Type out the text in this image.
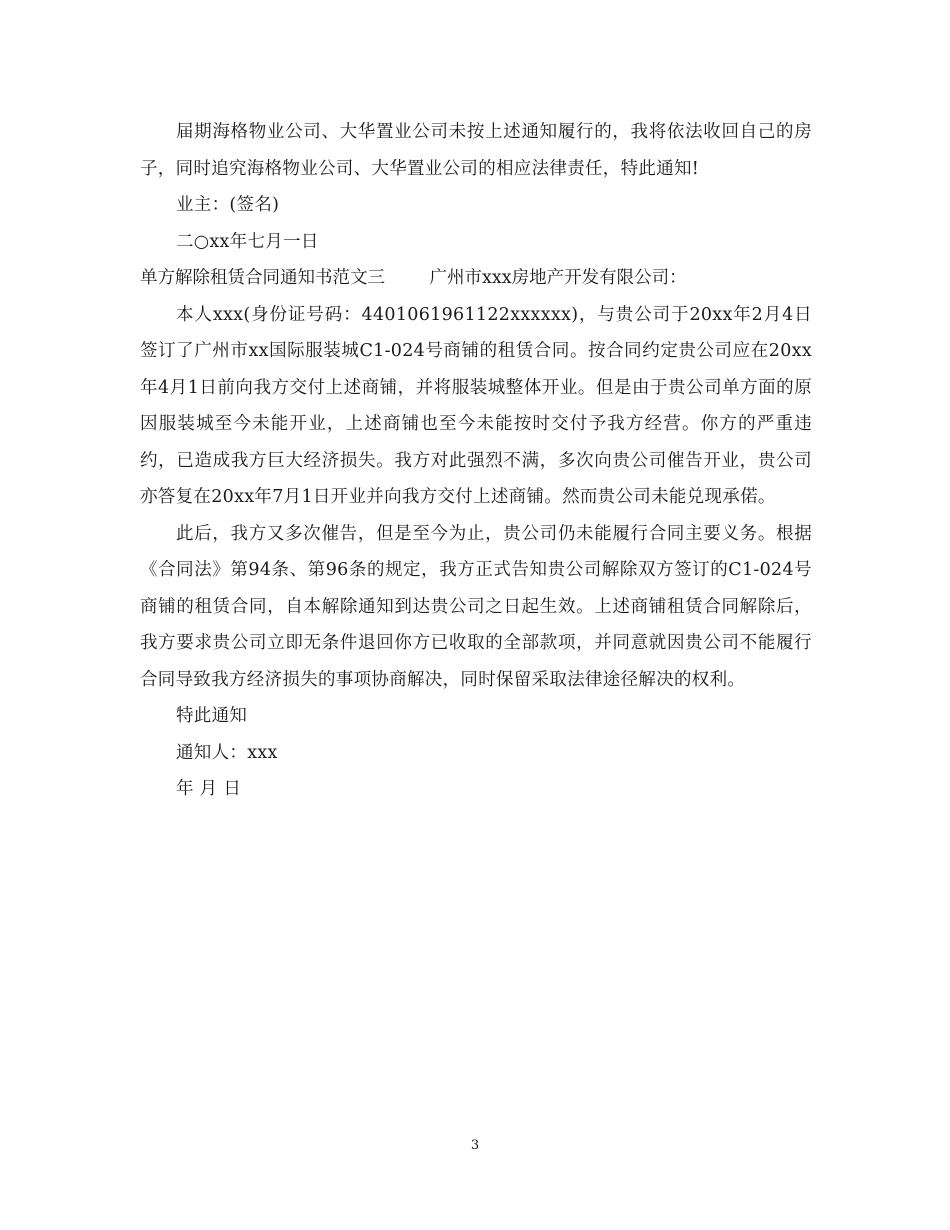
届期海格物业公司、大华置业公司未按上述通知履行的，我将依法收回自己的房子，同时追究海格物业公司、大华置业公司的相应法律责任，特此通知!

业主：(签名)

二○xx年七月一日

单方解除租赁合同通知书范文三	广州市xxx房地产开发有限公司：

本人xxx(身份证号码：4401061961122xxxxxx)，与贵公司于20xx年2月4日签订了广州市xx国际服装城C1-024号商铺的租赁合同。按合同约定贵公司应在20xx年4月1日前向我方交付上述商铺，并将服装城整体开业。但是由于贵公司单方面的原因服装城至今未能开业，上述商铺也至今未能按时交付予我方经营。你方的严重违约，已造成我方巨大经济损失。我方对此强烈不满，多次向贵公司催告开业，贵公司亦答复在20xx年7月1日开业并向我方交付上述商铺。然而贵公司未能兑现承偌。

此后，我方又多次催告，但是至今为止，贵公司仍未能履行合同主要义务。根据《合同法》第94条、第96条的规定，我方正式告知贵公司解除双方签订的C1-024号商铺的租赁合同，自本解除通知到达贵公司之日起生效。上述商铺租赁合同解除后，我方要求贵公司立即无条件退回你方已收取的全部款项，并同意就因贵公司不能履行合同导致我方经济损失的事项协商解决，同时保留采取法律途径解决的权利。

特此通知

通知人：xxx

年 月 日

3
